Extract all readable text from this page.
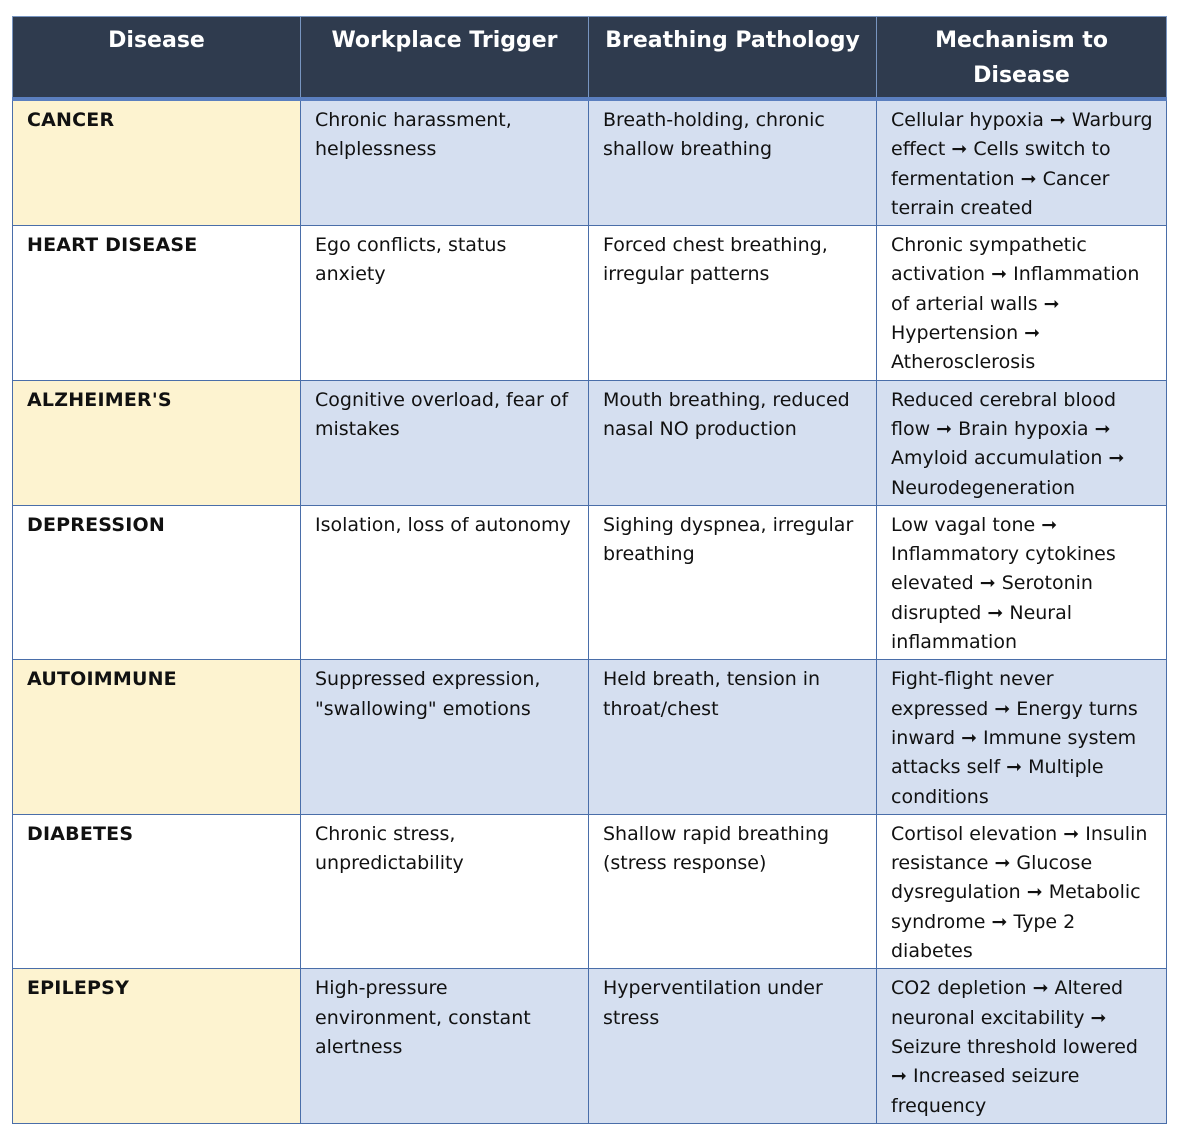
Disease	Workplace Trigger	Breathing Pathology	Mechanism to Disease
CANCER	Chronic harassment, helplessness	Breath-holding, chronic shallow breathing	Cellular hypoxia ➞ Warburg effect ➞ Cells switch to fermentation ➞ Cancer terrain created
HEART DISEASE	Ego conflicts, status anxiety	Forced chest breathing, irregular patterns	Chronic sympathetic activation ➞ Inflammation of arterial walls ➞ Hypertension ➞ Atherosclerosis
ALZHEIMER'S	Cognitive overload, fear of mistakes	Mouth breathing, reduced nasal NO production	Reduced cerebral blood flow ➞ Brain hypoxia ➞ Amyloid accumulation ➞ Neurodegeneration
DEPRESSION	Isolation, loss of autonomy	Sighing dyspnea, irregular breathing	Low vagal tone ➞ Inflammatory cytokines elevated ➞ Serotonin disrupted ➞ Neural inflammation
AUTOIMMUNE	Suppressed expression, "swallowing" emotions	Held breath, tension in throat/chest	Fight-flight never expressed ➞ Energy turns inward ➞ Immune system attacks self ➞ Multiple conditions
DIABETES	Chronic stress, unpredictability	Shallow rapid breathing (stress response)	Cortisol elevation ➞ Insulin resistance ➞ Glucose dysregulation ➞ Metabolic syndrome ➞ Type 2 diabetes
EPILEPSY	High-pressure environment, constant alertness	Hyperventilation under stress	CO2 depletion ➞ Altered neuronal excitability ➞ Seizure threshold lowered ➞ Increased seizure frequency
